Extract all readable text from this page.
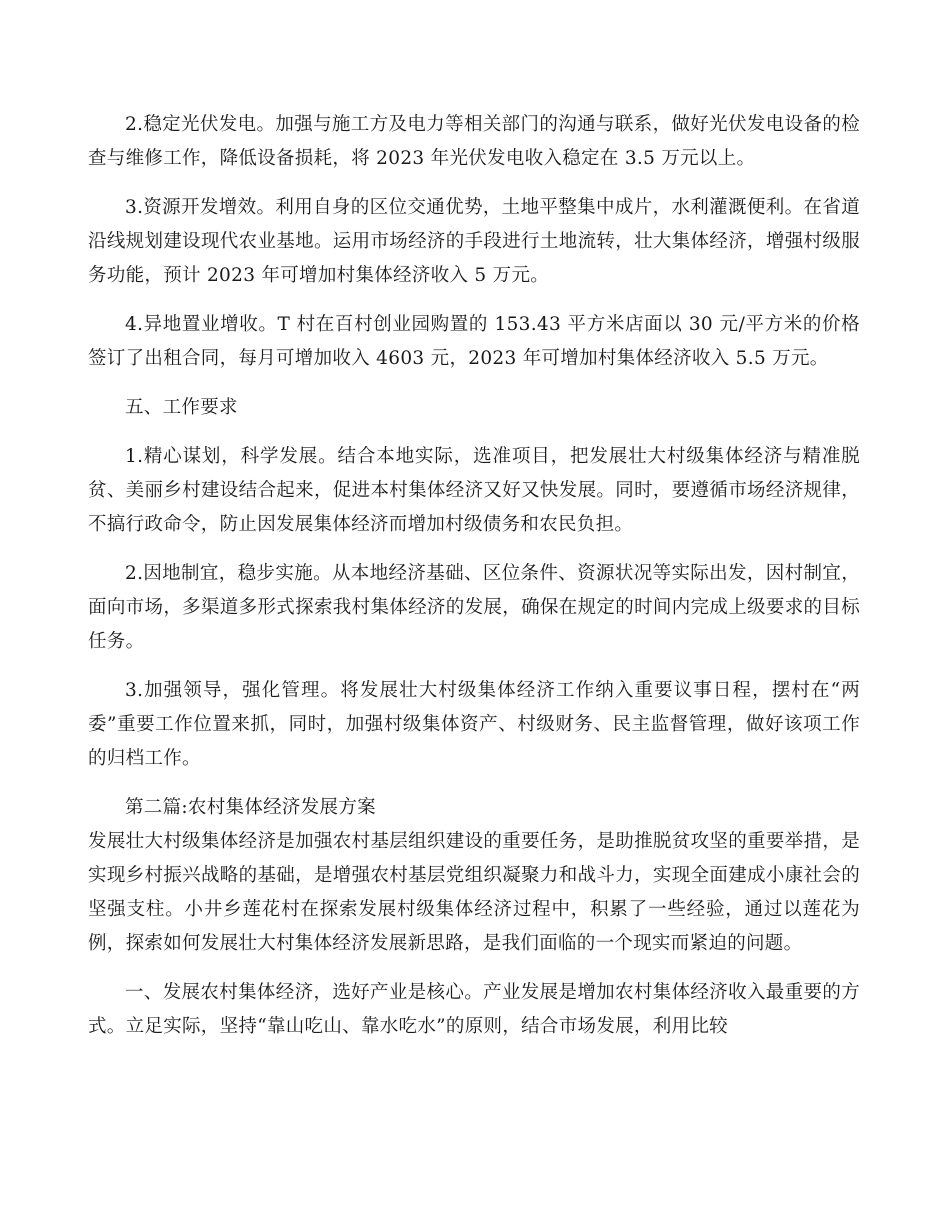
2.稳定光伏发电。加强与施工方及电力等相关部门的沟通与联系，做好光伏发电设备的检查与维修工作，降低设备损耗，将 2023 年光伏发电收入稳定在 3.5 万元以上。

3.资源开发增效。利用自身的区位交通优势，土地平整集中成片，水利灌溉便利。在省道沿线规划建设现代农业基地。运用市场经济的手段进行土地流转，壮大集体经济，增强村级服务功能，预计 2023 年可增加村集体经济收入 5 万元。

4.异地置业增收。T 村在百村创业园购置的 153.43 平方米店面以 30 元/平方米的价格签订了出租合同，每月可增加收入 4603 元，2023 年可增加村集体经济收入 5.5 万元。

五、工作要求

1.精心谋划，科学发展。结合本地实际，选准项目，把发展壮大村级集体经济与精准脱贫、美丽乡村建设结合起来，促进本村集体经济又好又快发展。同时，要遵循市场经济规律，不搞行政命令，防止因发展集体经济而增加村级债务和农民负担。

2.因地制宜，稳步实施。从本地经济基础、区位条件、资源状况等实际出发，因村制宜，面向市场，多渠道多形式探索我村集体经济的发展，确保在规定的时间内完成上级要求的目标任务。

3.加强领导，强化管理。将发展壮大村级集体经济工作纳入重要议事日程，摆村在“两委”重要工作位置来抓，同时，加强村级集体资产、村级财务、民主监督管理，做好该项工作的归档工作。

第二篇:农村集体经济发展方案

发展壮大村级集体经济是加强农村基层组织建设的重要任务，是助推脱贫攻坚的重要举措，是实现乡村振兴战略的基础，是增强农村基层党组织凝聚力和战斗力，实现全面建成小康社会的坚强支柱。小井乡莲花村在探索发展村级集体经济过程中，积累了一些经验，通过以莲花为例，探索如何发展壮大村集体经济发展新思路，是我们面临的一个现实而紧迫的问题。

一、发展农村集体经济，选好产业是核心。产业发展是增加农村集体经济收入最重要的方式。立足实际，坚持“靠山吃山、靠水吃水”的原则，结合市场发展，利用比较
